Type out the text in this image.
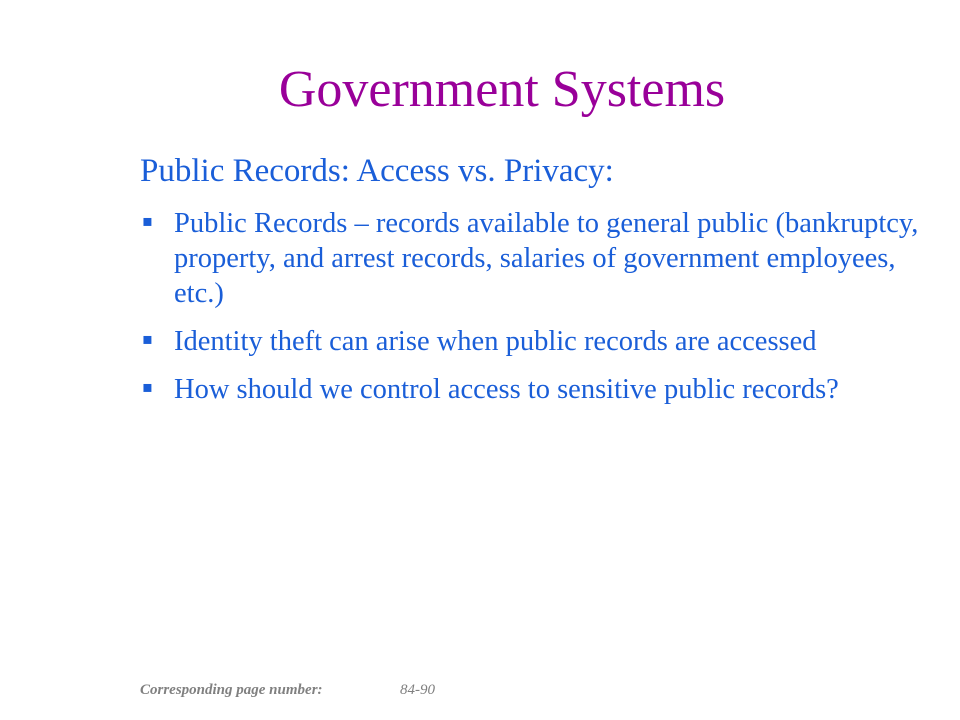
Government Systems
Public Records: Access vs. Privacy:
▪ Public Records – records available to general public (bankruptcy, property, and arrest records, salaries of government employees, etc.)
▪ Identity theft can arise when public records are accessed
▪ How should we control access to sensitive public records?
Corresponding page number:	84-90
